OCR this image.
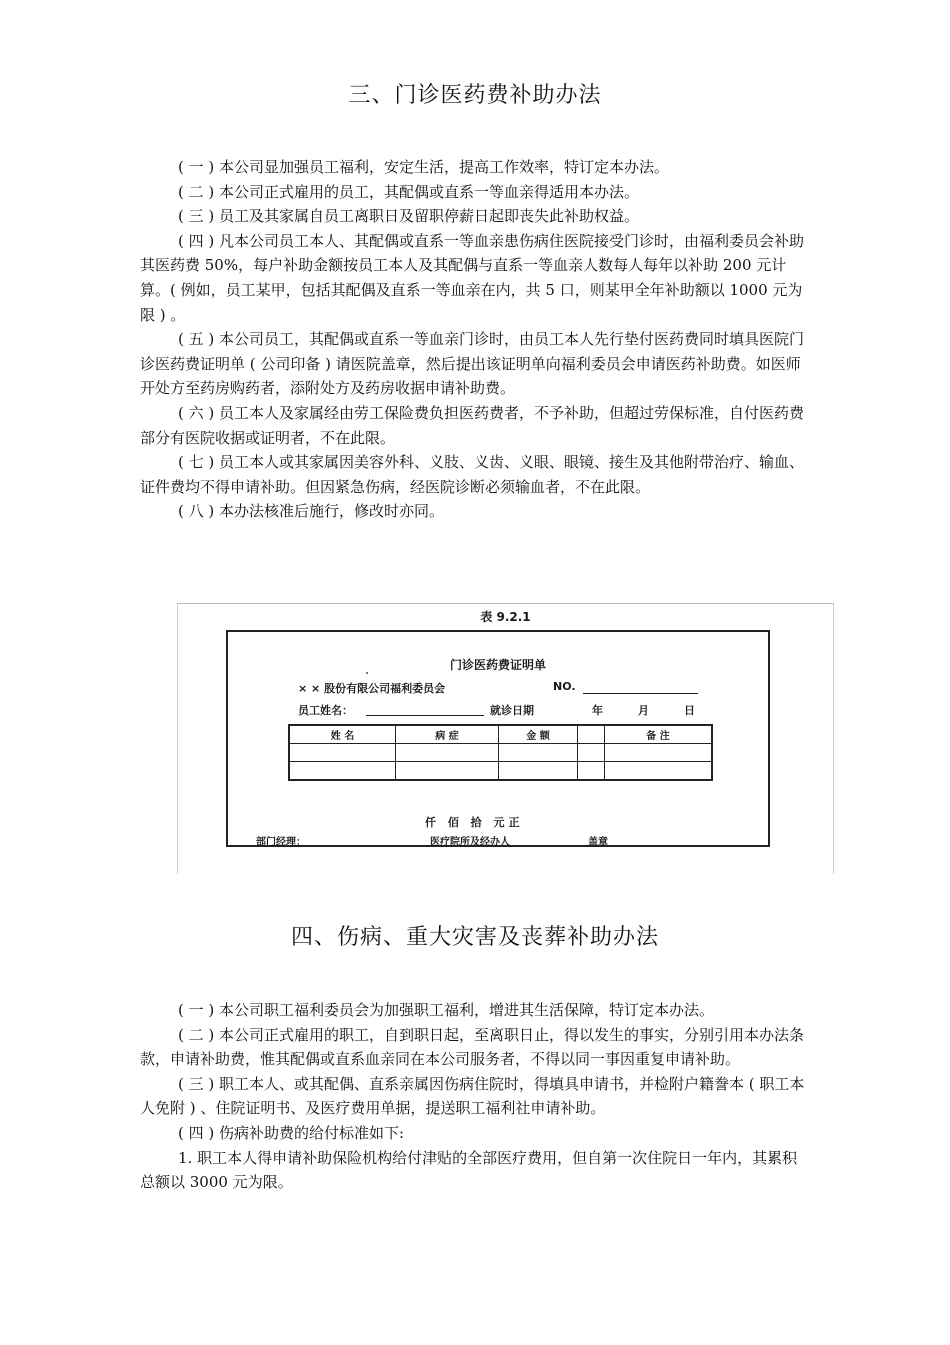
三、门诊医药费补助办法

( 一 ) 本公司显加强员工福利，安定生活，提高工作效率，特订定本办法。

( 二 ) 本公司正式雇用的员工，其配偶或直系一等血亲得适用本办法。

( 三 ) 员工及其家属自员工离职日及留职停薪日起即丧失此补助权益。

( 四 ) 凡本公司员工本人、其配偶或直系一等血亲患伤病住医院接受门诊时，由福利委员会补助其医药费 50%，每户补助金额按员工本人及其配偶与直系一等血亲人数每人每年以补助 200 元计算。( 例如，员工某甲，包括其配偶及直系一等血亲在内，共 5 口，则某甲全年补助额以 1000 元为限 ) 。

( 五 ) 本公司员工，其配偶或直系一等血亲门诊时，由员工本人先行垫付医药费同时填具医院门诊医药费证明单 ( 公司印备 ) 请医院盖章，然后提出该证明单向福利委员会申请医药补助费。如医师开处方至药房购药者，添附处方及药房收据申请补助费。

( 六 ) 员工本人及家属经由劳工保险费负担医药费者，不予补助，但超过劳保标准，自付医药费部分有医院收据或证明者，不在此限。

( 七 ) 员工本人或其家属因美容外科、义肢、义齿、义眼、眼镜、接生及其他附带治疗、输血、证件费均不得申请补助。但因紧急伤病，经医院诊断必须输血者，不在此限。

( 八 ) 本办法核准后施行，修改时亦同。

表 9.2.1
门诊医药费证明单
× × 股份有限公司福利委员会	NO.
员工姓名：	就诊日期	年	月	日
姓 名	病 症	金 额		备 注

仟 佰 拾 元正
部门经理：	医疗院所及经办人	盖章
四、伤病、重大灾害及丧葬补助办法

( 一 ) 本公司职工福利委员会为加强职工福利，增进其生活保障，特订定本办法。

( 二 ) 本公司正式雇用的职工，自到职日起，至离职日止，得以发生的事实，分别引用本办法条款，申请补助费，惟其配偶或直系血亲同在本公司服务者，不得以同一事因重复申请补助。

( 三 ) 职工本人、或其配偶、直系亲属因伤病住院时，得填具申请书，并检附户籍誊本 ( 职工本人免附 ) 、住院证明书、及医疗费用单据，提送职工福利社申请补助。

( 四 ) 伤病补助费的给付标准如下:

1. 职工本人得申请补助保险机构给付津贴的全部医疗费用，但自第一次住院日一年内，其累积总额以 3000 元为限。
